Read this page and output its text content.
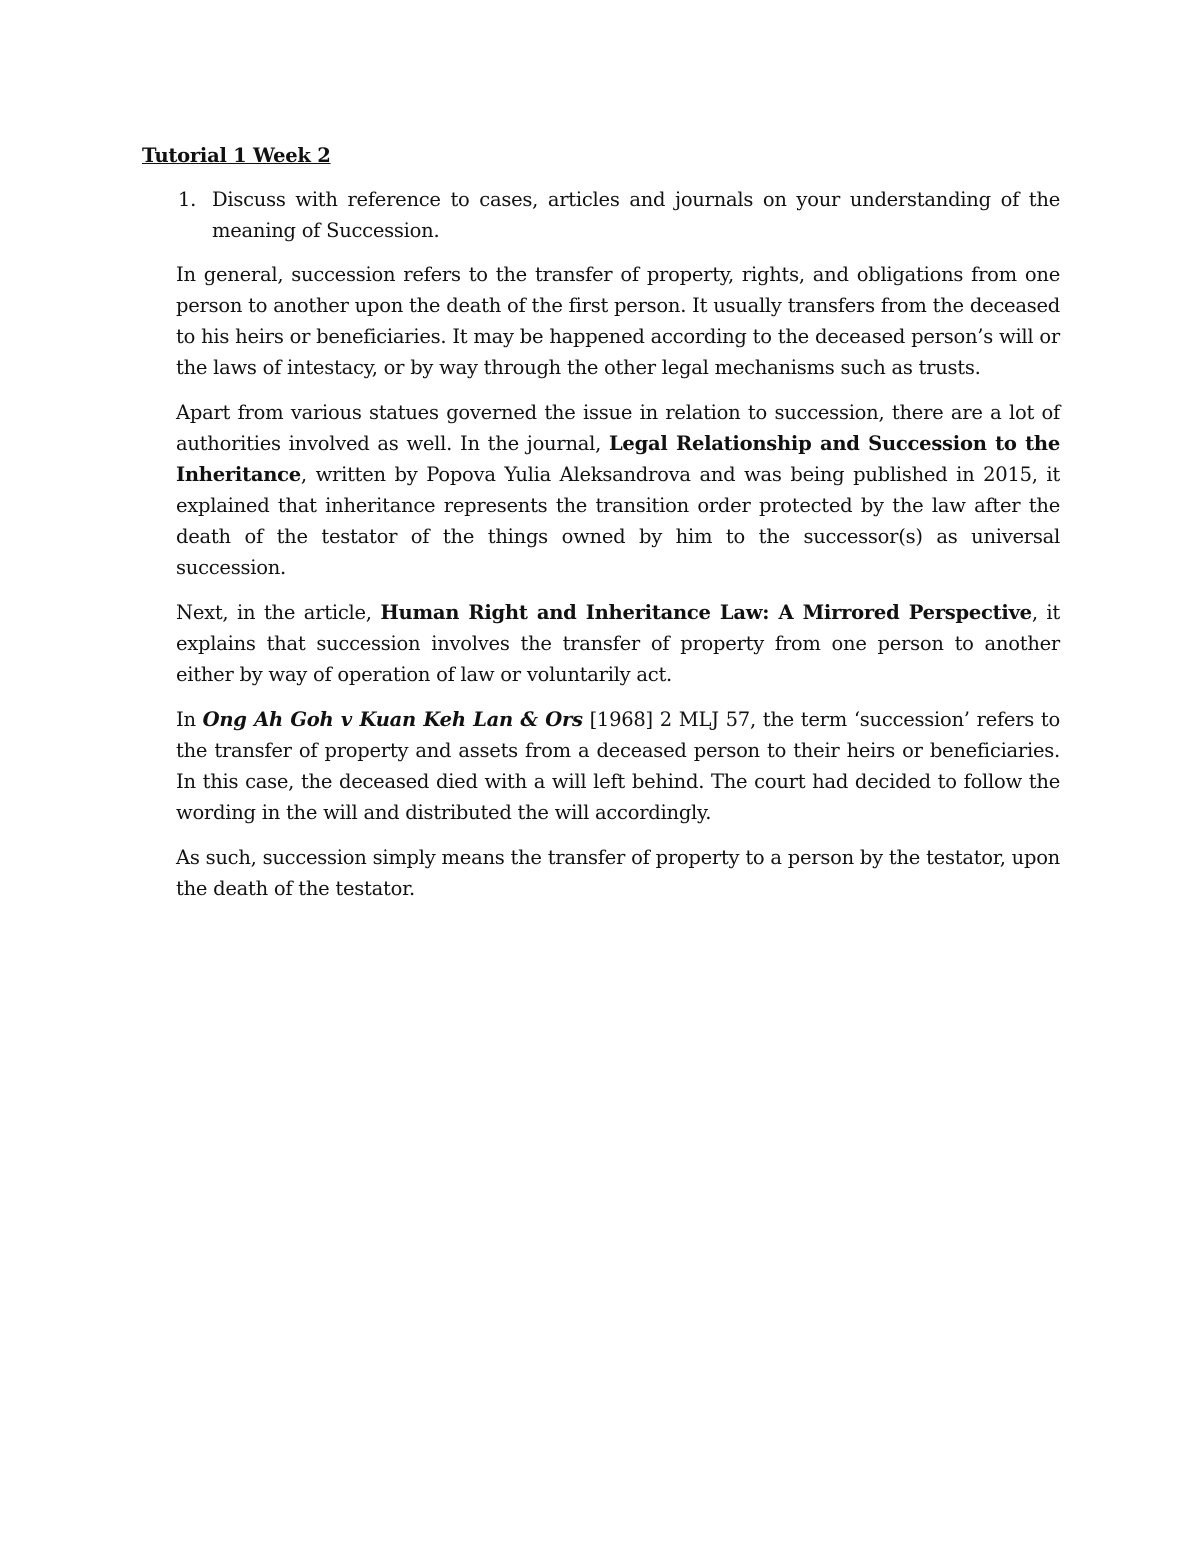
Tutorial 1 Week 2
1. Discuss with reference to cases, articles and journals on your understanding of the meaning of Succession.

In general, succession refers to the transfer of property, rights, and obligations from one person to another upon the death of the first person. It usually transfers from the deceased to his heirs or beneficiaries. It may be happened according to the deceased person’s will or the laws of intestacy, or by way through the other legal mechanisms such as trusts.

Apart from various statues governed the issue in relation to succession, there are a lot of authorities involved as well. In the journal, Legal Relationship and Succession to the Inheritance, written by Popova Yulia Aleksandrova and was being published in 2015, it explained that inheritance represents the transition order protected by the law after the death of the testator of the things owned by him to the successor(s) as universal succession.

Next, in the article, Human Right and Inheritance Law: A Mirrored Perspective, it explains that succession involves the transfer of property from one person to another either by way of operation of law or voluntarily act.

In Ong Ah Goh v Kuan Keh Lan & Ors [1968] 2 MLJ 57, the term ‘succession’ refers to the transfer of property and assets from a deceased person to their heirs or beneficiaries. In this case, the deceased died with a will left behind. The court had decided to follow the wording in the will and distributed the will accordingly.

As such, succession simply means the transfer of property to a person by the testator, upon the death of the testator.
